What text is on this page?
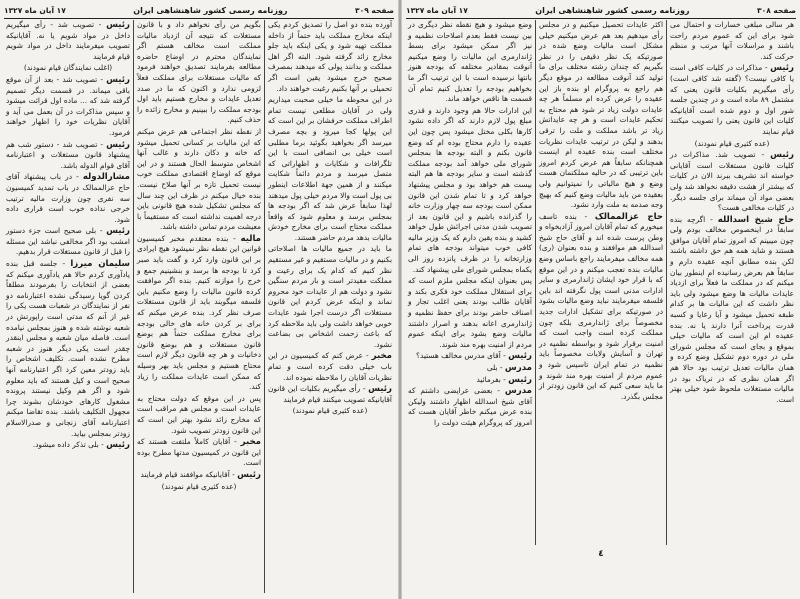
صفحه ۳۰۹
روزنامه رسمی کشور شاهنشاهی ایران
۱۷ آبان ماه ۱۳۲۷
آورده بنده دو اصل را تصدیق کردم یکی اینکه مخارج مملکت باید حتماً از داخله مملکت تهیه شود و یکی اینکه باید جلو مخارج زائد گرفته شود. البته اگر اهل مملکت و بدانند پولی که میدهند بمصرف صحیح خرج میشود یقین است اگر تحمیلی بر آنها بکنیم رغبت خواهند داد.
در این محوطه ما خیلی صحبت میداریم ولی در آقایان مطلعی نیست تمام اطراف مملکت حرفشان بر این است که این پولها کجا میرود و بچه مصرف میرسد اگر بخواهید بگوئید برما مطلبی است خیلی بی انصافی است با این تلگرافات و شکایات و اظهاراتی که متصل میرسد و مردم دائماً شکایت میکنند و از همین جهة اطلاعات اینطور بی پول است والا مردم خیلی پول میدهند لهذا سابقاً عرض شد که اگر بودجه ها بمجلس برسد و معلوم شود که واقعاً مملکت محتاج است برای مخارج خودش مالیات بدهد مردم حاضر هستند.
ما باید در جمیع مالیات ها اصلاحاتی بکنیم و در مالیات مستقیم و غیر مستقیم نظر کنیم که کدام یک برای رعیت و مملکت مفیدتر است و بار مردم سنگین نشود و دولت هم از عایدات خود محروم نماند و اینکه عرض کردم این قانون مستغلات اگر درست اجرا شود عایدات خوبی خواهد داشت ولی باید ملاحظه کرد که باعث زحمت اشخاص بی بضاعت نشود.
مخبر - عرض کنم که کمیسیون در این باب خیلی دقت کرده است و تمام نظریات آقایان را ملاحظه نموده اند.
رئیس - رأی میگیریم بکلیات این قانون آقایانیکه تصویب میکنند قیام فرمایند
(عده کثیری قیام نمودند)
بگویم من رأی نخواهم داد و با قانون مستغلات که نتیجه آن ازدیاد مالیات مملکت است مخالف هستم اگر نمایندگان محترم در اوضاع حاضره مطالعه بفرمایند تصدیق خواهند فرمود که مالیات مستغلات برای مملکت فعلاً لزومی ندارد و اکنون که ما در صدد تعدیل عایدات و مخارج هستیم باید اول بودجه مملکت را ببینیم و مخارج زائده را حذف کنیم.
از نقطه نظر اجتماعی هم عرض میکنم که این مالیات بر کسانی تحمیل میشود که خانه و دکان دارند و غالب آنها اشخاص متوسط الحال هستند و در این موقع که اوضاع اقتصادی مملکت خوب نیست تحمیل تازه بر آنها صلاح نیست. بنده خیال میکنم در ظرف این چند سال که مجلس تشکیل شده هیچ قانونی باین درجه اهمیت نداشته است که مستقیماً با معیشت مردم تماس داشته باشد.
مالیه - بنده معتقدم مخبر کمیسیون قوانین این نقطه نظر نمیشود هیچ ایرادی بر این قانون وارد کرد و گفت باید صبر کرد تا بودجه ها برسد و بنشینیم جمع و خرج را موازنه کنیم. بنده اگر موافقت کرده قانون مالیات را وضع مکنیم باین فلسفه میگویند باید از قانون مستغلات صرف نظر کرد. بنده عرض میکنم که برای بر کردن خانه های خالی بودجه برای مخارج مملکت حتماً هم بوضع قانون مستغلات و هم بوضع قانون دخانیات و هر چه قانون دیگر لازم است محتاج هستیم و مجلس باید بهر وسیله که ممکن است عایدات مملکت را زیاد کند.
پس در این موقع که دولت محتاج به عایدات است و مجلس هم مراقب است که مخارج زائد نشود بهتر این است که این قانون زودتر تصویب شود.
مخبر - آقایان کاملاً ملتفت هستند که این قانون در کمیسیون مدتها مطرح بوده است.
رئیس - آقایانیکه موافقند قیام فرمایند
(عده کثیری قیام نمودند)
رئیس - تصویب شد - رأی میگیریم داخل در مواد شویم یا نه. آقایانیکه تصویب میفرمایند داخل در مواد شویم قیام فرمایند
(اغلب نمایندگان قیام نمودند)
رئیس - تصویب شد - بعد از آن موقع باقی میماند. در قسمت دیگر تصمیم گرفته شد که ... ماده اول قرائت میشود و سپس مذاکرات در آن بعمل می آید و آقایان نظریات خود را اظهار خواهند فرمود.
رئیس - تصویب شد - دستور شب هم پیشنهاد قانون مستغلات و اعتبارنامه آقای قوام الدوله باشد.
مشارالدوله - در باب پیشنهاد آقای حاج عزالممالک در باب تمدید کمیسیون سه نفری چون وزارت مالیه ترتیب خرجی نداده خوب است قراری داده شود.
رئیس - بلی صحیح است جزء دستور امشب بود اگر مخالفی نباشد این مسئله را قبل از قانون مستغلات قرار بدهیم.
سلیمان میرزا - جلسه قبل بنده یادآوری کردم حالا هم یادآوری میکنم که بعضی از انتخابات را بفرمودند مطلقاً کردن گویا رسیدگی نشده اعتبارنامه دو نفر از نمایندگان در شعبات هست یکی را غیر از آنم که مدتی است راپورتش در شعبه نوشته شده و هنوز بمجلس نیامده است. فاصله میان شعبه و مجلس اینقدر چقدر است یکی دیگر هنوز در شعبه مطرح نشده است. تکلیف اشخاص را باید زودتر معین کرد اگر اعتبارنامه آنها صحیح است و کیل هستند که باید معلوم شود و اگر هم وکیل نیستند پرونده مشغول کارهای خودشان بشوند چرا مجهول التکلیف باشند. بنده تقاضا میکنم اعتبارنامه آقای زنجانی و صدرالاسلام زودتر بمجلس بیاید.
رئیس - بلی تذکر داده میشود.
صفحه ۳۰۸
روزنامه رسمی کشور شاهنشاهی ایران
۱۷ آبان ماه ۱۳۲۷
هر سالی مبلغی خسارات و احتمال می شود برای این که عموم مردم راحت باشند و مراسلات آنها مرتب و منظم حرکت کند.
رئیس - مذاکرات در کلیات کافی است یا کافی نیست؟ (گفته شد کافی است) رأی میگیریم بکلیات قانون یعنی که مشتمل ۸۹ ماده است و در چندین جلسه شور اول و دوم شده است آقایانیکه کلیات این قانون یعنی را تصویب میکنند قیام نمایند
(عده کثیری قیام نمودند)
رئیس - تصویب شد. مذاکرات در کلیات قانون مستغلات است آقایانی خواسته اند تشریف ببرند الان در کلیات که بیشتر از هشت دقیقه نخواهد شد ولی بعضی مواد آن میماند برای جلسه دیگر. در کلیات مخالفی هست؟
حاج شیخ اسدالله - اگرچه بنده سابقاً در اینخصوص مخالف بودم ولی چون میبینم که امروز تمام آقایان موافق هستند و شاید همه هم حق داشته باشند لکن بنده مطابق آنچه عقیده دارم و سابقاً هم بعرض رسانیده ام اینطور بیان میکنم که در مملکت ما فعلاً برای ازدیاد عایدات مالیات ها وضع میشود ولی باید نظر داشت که این مالیات ها بر کدام طبقه تحمیل میشود و آیا رعایا و کسبه قدرت پرداخت آنرا دارند یا نه. بنده عقیده ام این است که مالیات خیلی بموقع و بجای است که مجلس شورای ملی در دوره دوم تشکیل وضع کرده و همان مالیات تعدیل ترتیب بود حالا هم اگر همان نظری که در تریاک بود در مالیات مستغلات ملحوظ شود خیلی بهتر است.
اکثر عایدات تحصیل میکنیم و در مجلس رأی میدهیم بعد هم عرض میکنیم خیلی مشکل است مالیات وضع شده در صورتیکه یک نظر دقیقی را در نظر بگیریم که چندان رشته مختلف برای ما تولید کند آنوقت مطالعه در موقع دیگر هم راجع به پروگرام او بنده باز این عقیده را عرض کرده ام مسلماً هر چه عایدات دولت زیاد تر شود هم محتاج به تحکیم عایدات است و هر چه عایداتش زیاد تر باشد مملکت و ملت را ترقی بدهند و لیکن در ترتیب عایدات نظریات مختلف است بنده عقیده ام اینست همچنانکه سابقاً هم عرض کردم امروز باین ترتیبی که در حالیه مملکتمان هست وضع و هیچ مالیاتی را نمیتوانیم ولی بعقیده من باید مالیات وضع کنیم که بهیچ وجه صدمه به ملت وارد نشود.
حاج عزالممالک - بنده تاسف میخورم که تمام آقایان امروز آزادیخواه و وطن پرست شده اند و آقای حاج شیخ اسدالله هم موافقند و بنده بعنوان (ری) همه مخالف میفرمایند راجع باساس وضع مالیات بنده تعجب میکنم و در این موقع که با قرار خود ایشان ژاندارمری و سایر ادارات مدنی است پول نگرفته اند باین فلسفه میفرمایند نباید وضع مالیات بشود در صورتیکه برای تشکیل ادارات جدید مخصوصاً برای ژاندارمری بلکه چون مملکت کرده است واجب است که امنیت برقرار شود و بواسطه نظمیه در تهران و آسایش ولایات مخصوصاً باید نظمیه در تمام ایران تاسیس شود و عموم مردم از امنیت بهره مند شوند و ما باید سعی کنیم که این قانون زودتر از مجلس بگذرد.
وضع میشود و هیچ نقطه نظر دیگری در بین نیست فقط بعدم اصلاحات نظمیه و نیز اگر ممکن میشود برای بسط ژاندارمری این مالیات را وضع میکنیم آنوقت بمقادیر مختلفه که بودجه هنوز بانتها نرسیده است با این ترتیب اگر ما بخواهیم بودجه را تعدیل کنیم تمام آن قسمت ها ناقص خواهد ماند.
این ادارات حالا هم وجود دارند و قدری مبلغ پول لازم دارند که اگر داده نشود کارها بکلی مختل میشود پس چون این عقیده را دارم محتاج بوده ام که وضع قانون بکنم و البته بودجه ها بمجلس شورای ملی خواهد آمد بودجه مملکت گذشته است و سایر بودجه ها هم البته بیست هم خواهد بود و مجلس پیشنهاد خواهد کرد و تا تمام شدن این قانون ممکن است بودجه سه چهار وزارت خانه را گذرانده باشیم و این قانون بعد از تصویب شدن مدتی اجرائش طول خواهد کشید و بنده یقین دارم که یک وزیر مالیه کافی خوب میتواند بودجه های تمام وزارتخانه را در ظرف پانزده روز الی یکماه بمجلس شورای ملی پیشنهاد کند.
پس بعنوان اینکه مجلس ملزم است که برای استقلال مملکت خود فکری بکند و آقایان طالب بودند یعنی اغلب تجار و اصناف حاضر بودند برای حفظ نظمیه و ژاندارمری اعانه بدهند و اصرار داشتند مالیات وضع بشود برای اینکه عموم مردم از امنیت بهره مند شوند.
رئیس - آقای مدرس مخالف هستید؟
مدرس - بلی
رئیس - بفرمائید
مدرس - بعضی عرایضی داشتم که آقای شیخ اسدالله اظهار داشتند ولیکن بنده عرض میکنم خاطر آقایان هست که امروز که پروگرام هیئت دولت را
٤
